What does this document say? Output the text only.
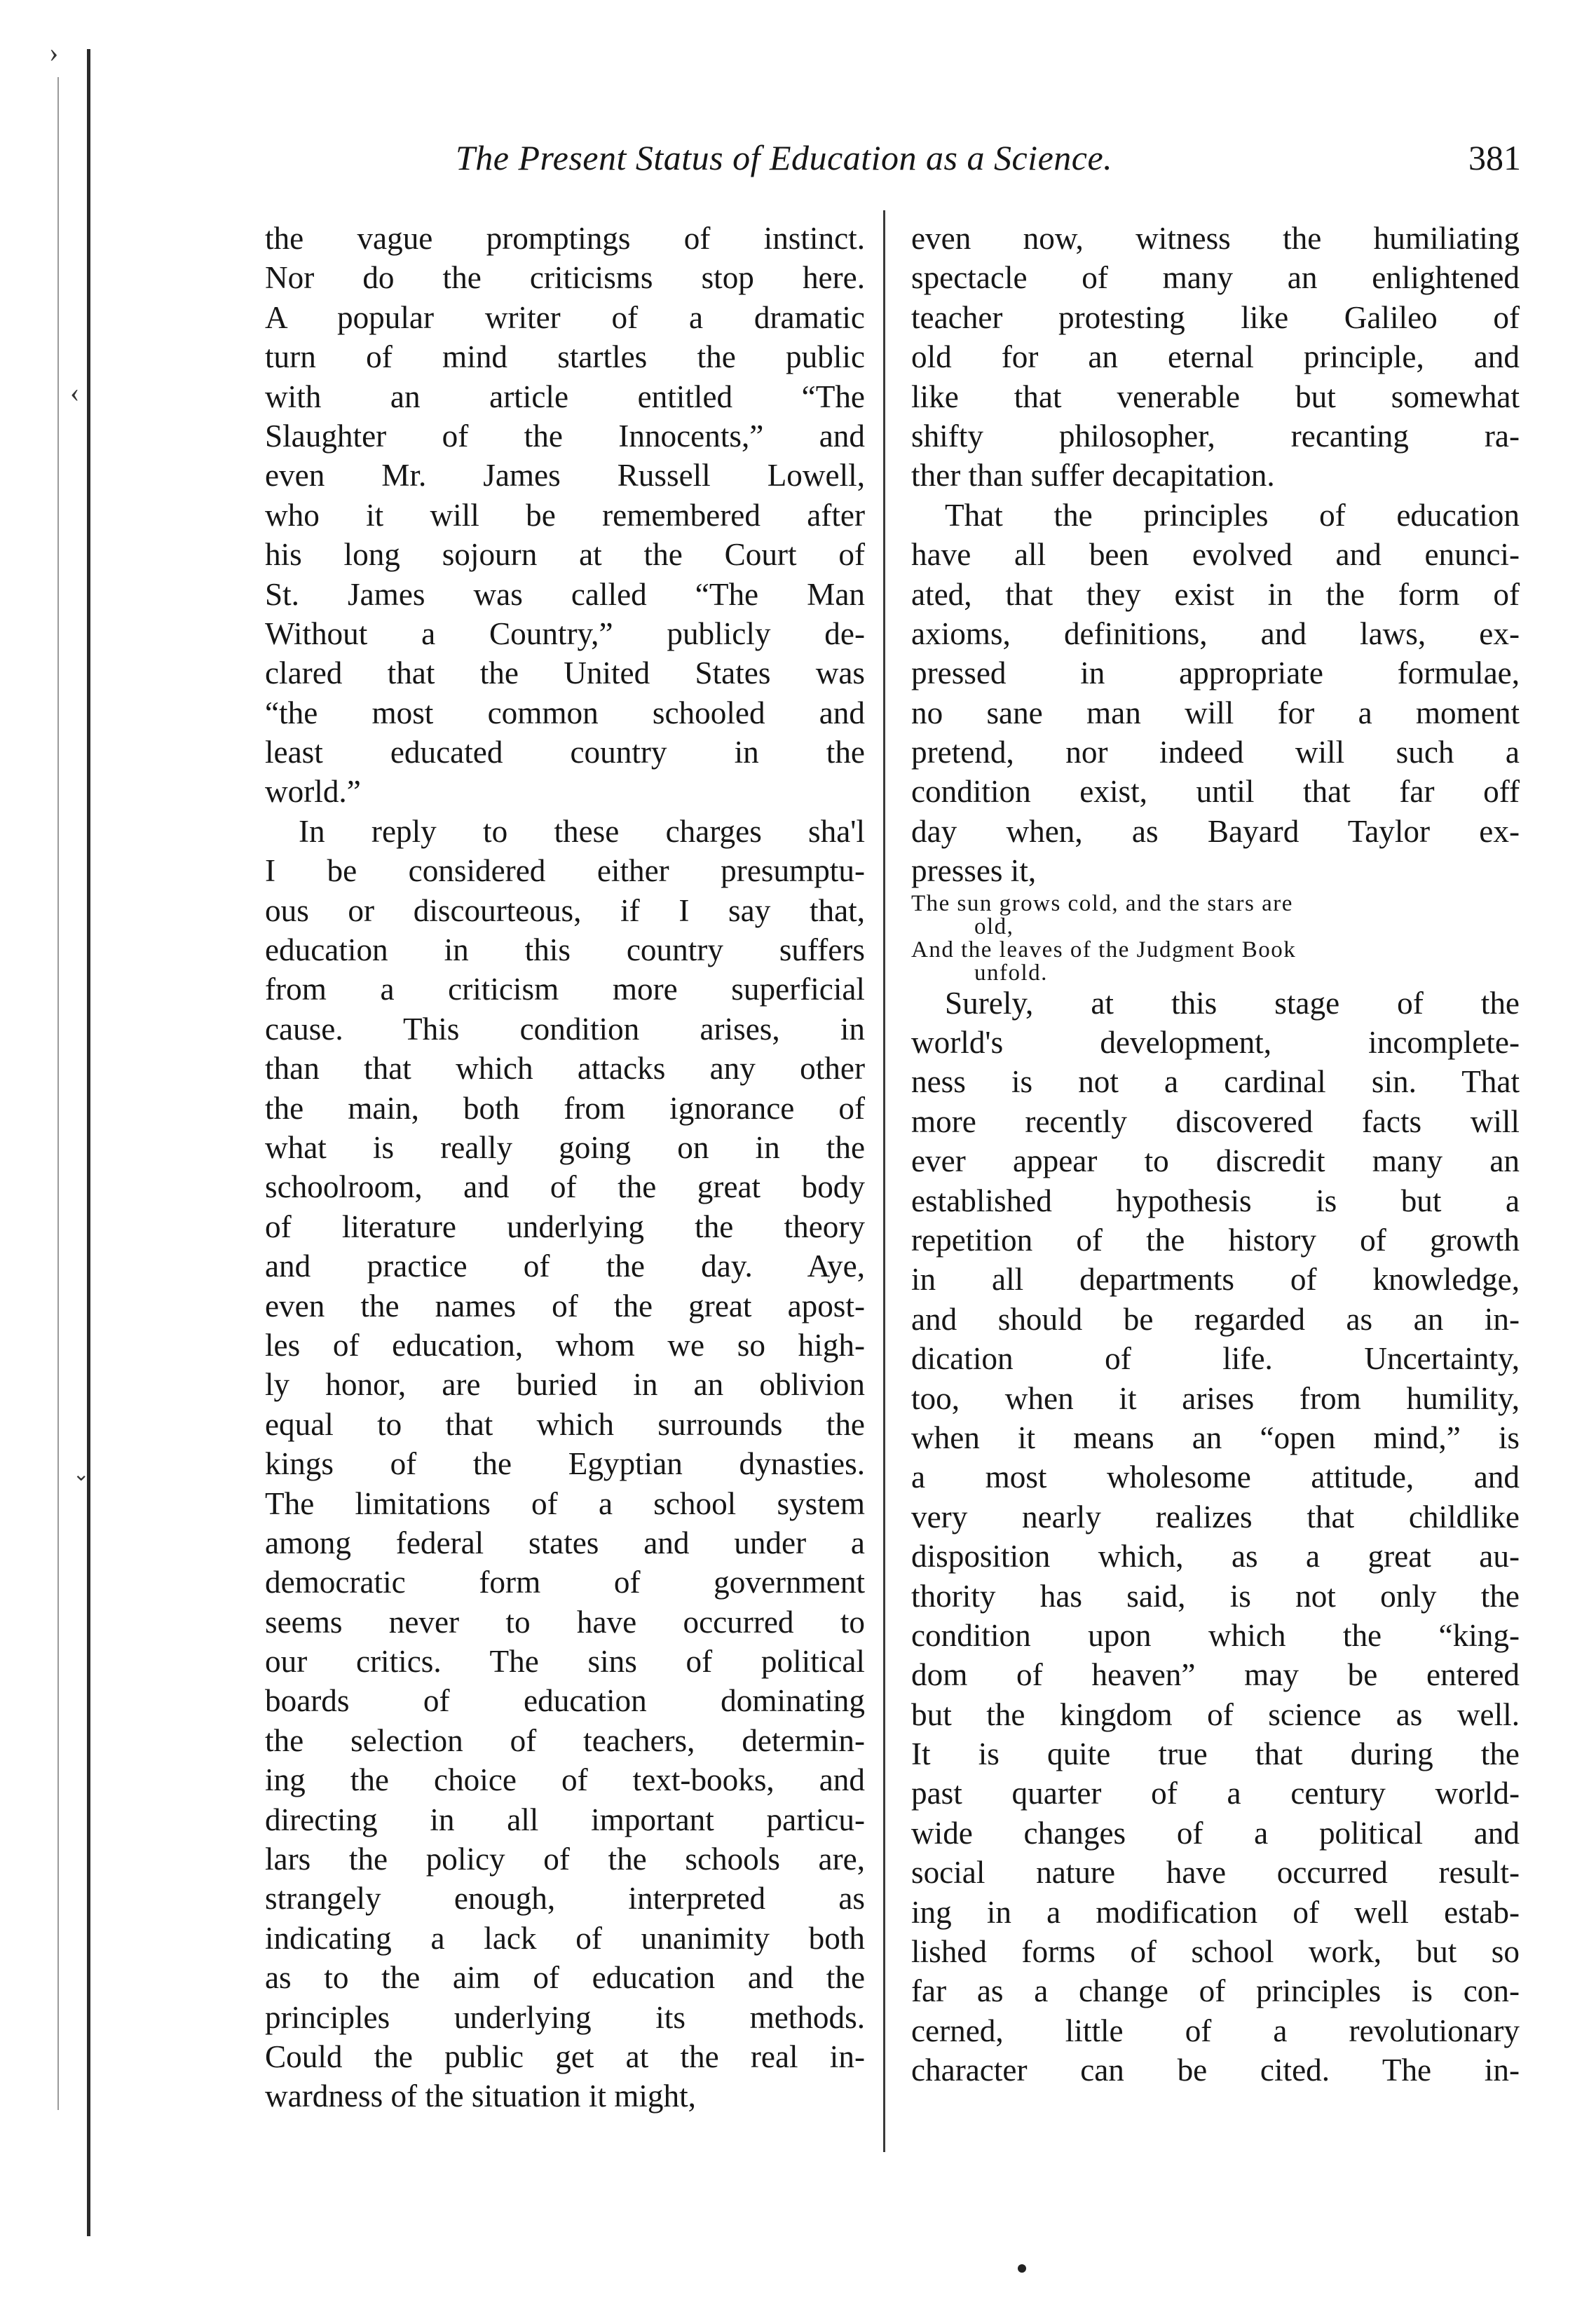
›
‹
⌄
The Present Status of Education as a Science.	381
the vague promptings of instinct.
Nor do the criticisms stop here.
A popular writer of a dramatic
turn of mind startles the public
with an article entitled “The
Slaughter of the Innocents,” and
even Mr. James Russell Lowell,
who it will be remembered after
his long sojourn at the Court of
St. James was called “The Man
Without a Country,” publicly de-
clared that the United States was
“the most common schooled and
least educated country in the
world.”
In reply to these charges sha'l
I be considered either presumptu-
ous or discourteous, if I say that,
education in this country suffers
from a criticism more superficial
cause. This condition arises, in
than that which attacks any other
the main, both from ignorance of
what is really going on in the
schoolroom, and of the great body
of literature underlying the theory
and practice of the day. Aye,
even the names of the great apost-
les of education, whom we so high-
ly honor, are buried in an oblivion
equal to that which surrounds the
kings of the Egyptian dynasties.
The limitations of a school system
among federal states and under a
democratic form of government
seems never to have occurred to
our critics. The sins of political
boards of education dominating
the selection of teachers, determin-
ing the choice of text-books, and
directing in all important particu-
lars the policy of the schools are,
strangely enough, interpreted as
indicating a lack of unanimity both
as to the aim of education and the
principles underlying its methods.
Could the public get at the real in-
wardness of the situation it might,
even now, witness the humiliating
spectacle of many an enlightened
teacher protesting like Galileo of
old for an eternal principle, and
like that venerable but somewhat
shifty philosopher, recanting ra-
ther than suffer decapitation.
That the principles of education
have all been evolved and enunci-
ated, that they exist in the form of
axioms, definitions, and laws, ex-
pressed in appropriate formulae,
no sane man will for a moment
pretend, nor indeed will such a
condition exist, until that far off
day when, as Bayard Taylor ex-
presses it,
The sun grows cold, and the stars are
old,
And the leaves of the Judgment Book
unfold.
Surely, at this stage of the
world's development, incomplete-
ness is not a cardinal sin. That
more recently discovered facts will
ever appear to discredit many an
established hypothesis is but a
repetition of the history of growth
in all departments of knowledge,
and should be regarded as an in-
dication of life. Uncertainty,
too, when it arises from humility,
when it means an “open mind,” is
a most wholesome attitude, and
very nearly realizes that childlike
disposition which, as a great au-
thority has said, is not only the
condition upon which the “king-
dom of heaven” may be entered
but the kingdom of science as well.
It is quite true that during the
past quarter of a century world-
wide changes of a political and
social nature have occurred result-
ing in a modification of well estab-
lished forms of school work, but so
far as a change of principles is con-
cerned, little of a revolutionary
character can be cited. The in-
